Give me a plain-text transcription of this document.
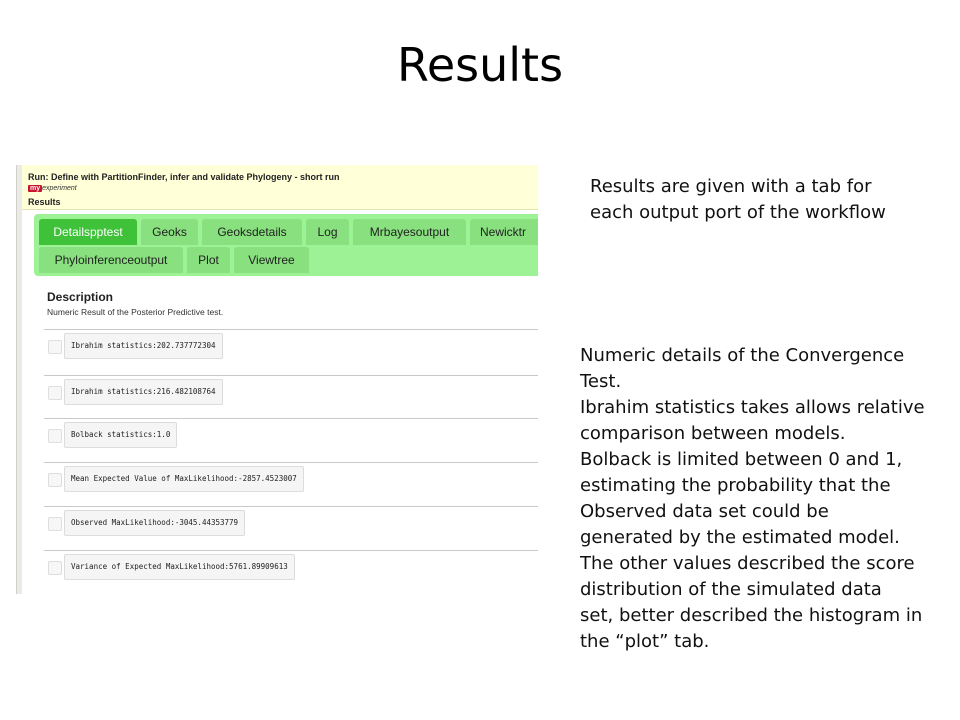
Results
Run: Define with PartitionFinder, infer and validate Phylogeny - short run
my experiment
Results
Detailspptest	Geoks	Geoksdetails	Log	Mrbayesoutput	Newicktr
Phyloinferenceoutput	Plot	Viewtree
Description
Numeric Result of the Posterior Predictive test.
Ibrahim statistics:202.737772304
Ibrahim statistics:216.482108764
Bolback statistics:1.0
Mean Expected Value of MaxLikelihood:-2857.4523007
Observed MaxLikelihood:-3045.44353779
Variance of Expected MaxLikelihood:5761.89909613
Results are given with a tab for
each output port of the workflow
Numeric details of the Convergence
Test.
Ibrahim statistics takes allows relative
comparison between models.
Bolback is limited between 0 and 1,
estimating the probability that the
Observed data set could be
generated by the estimated model.
The other values described the score
distribution of the simulated data
set, better described the histogram in
the “plot” tab.
